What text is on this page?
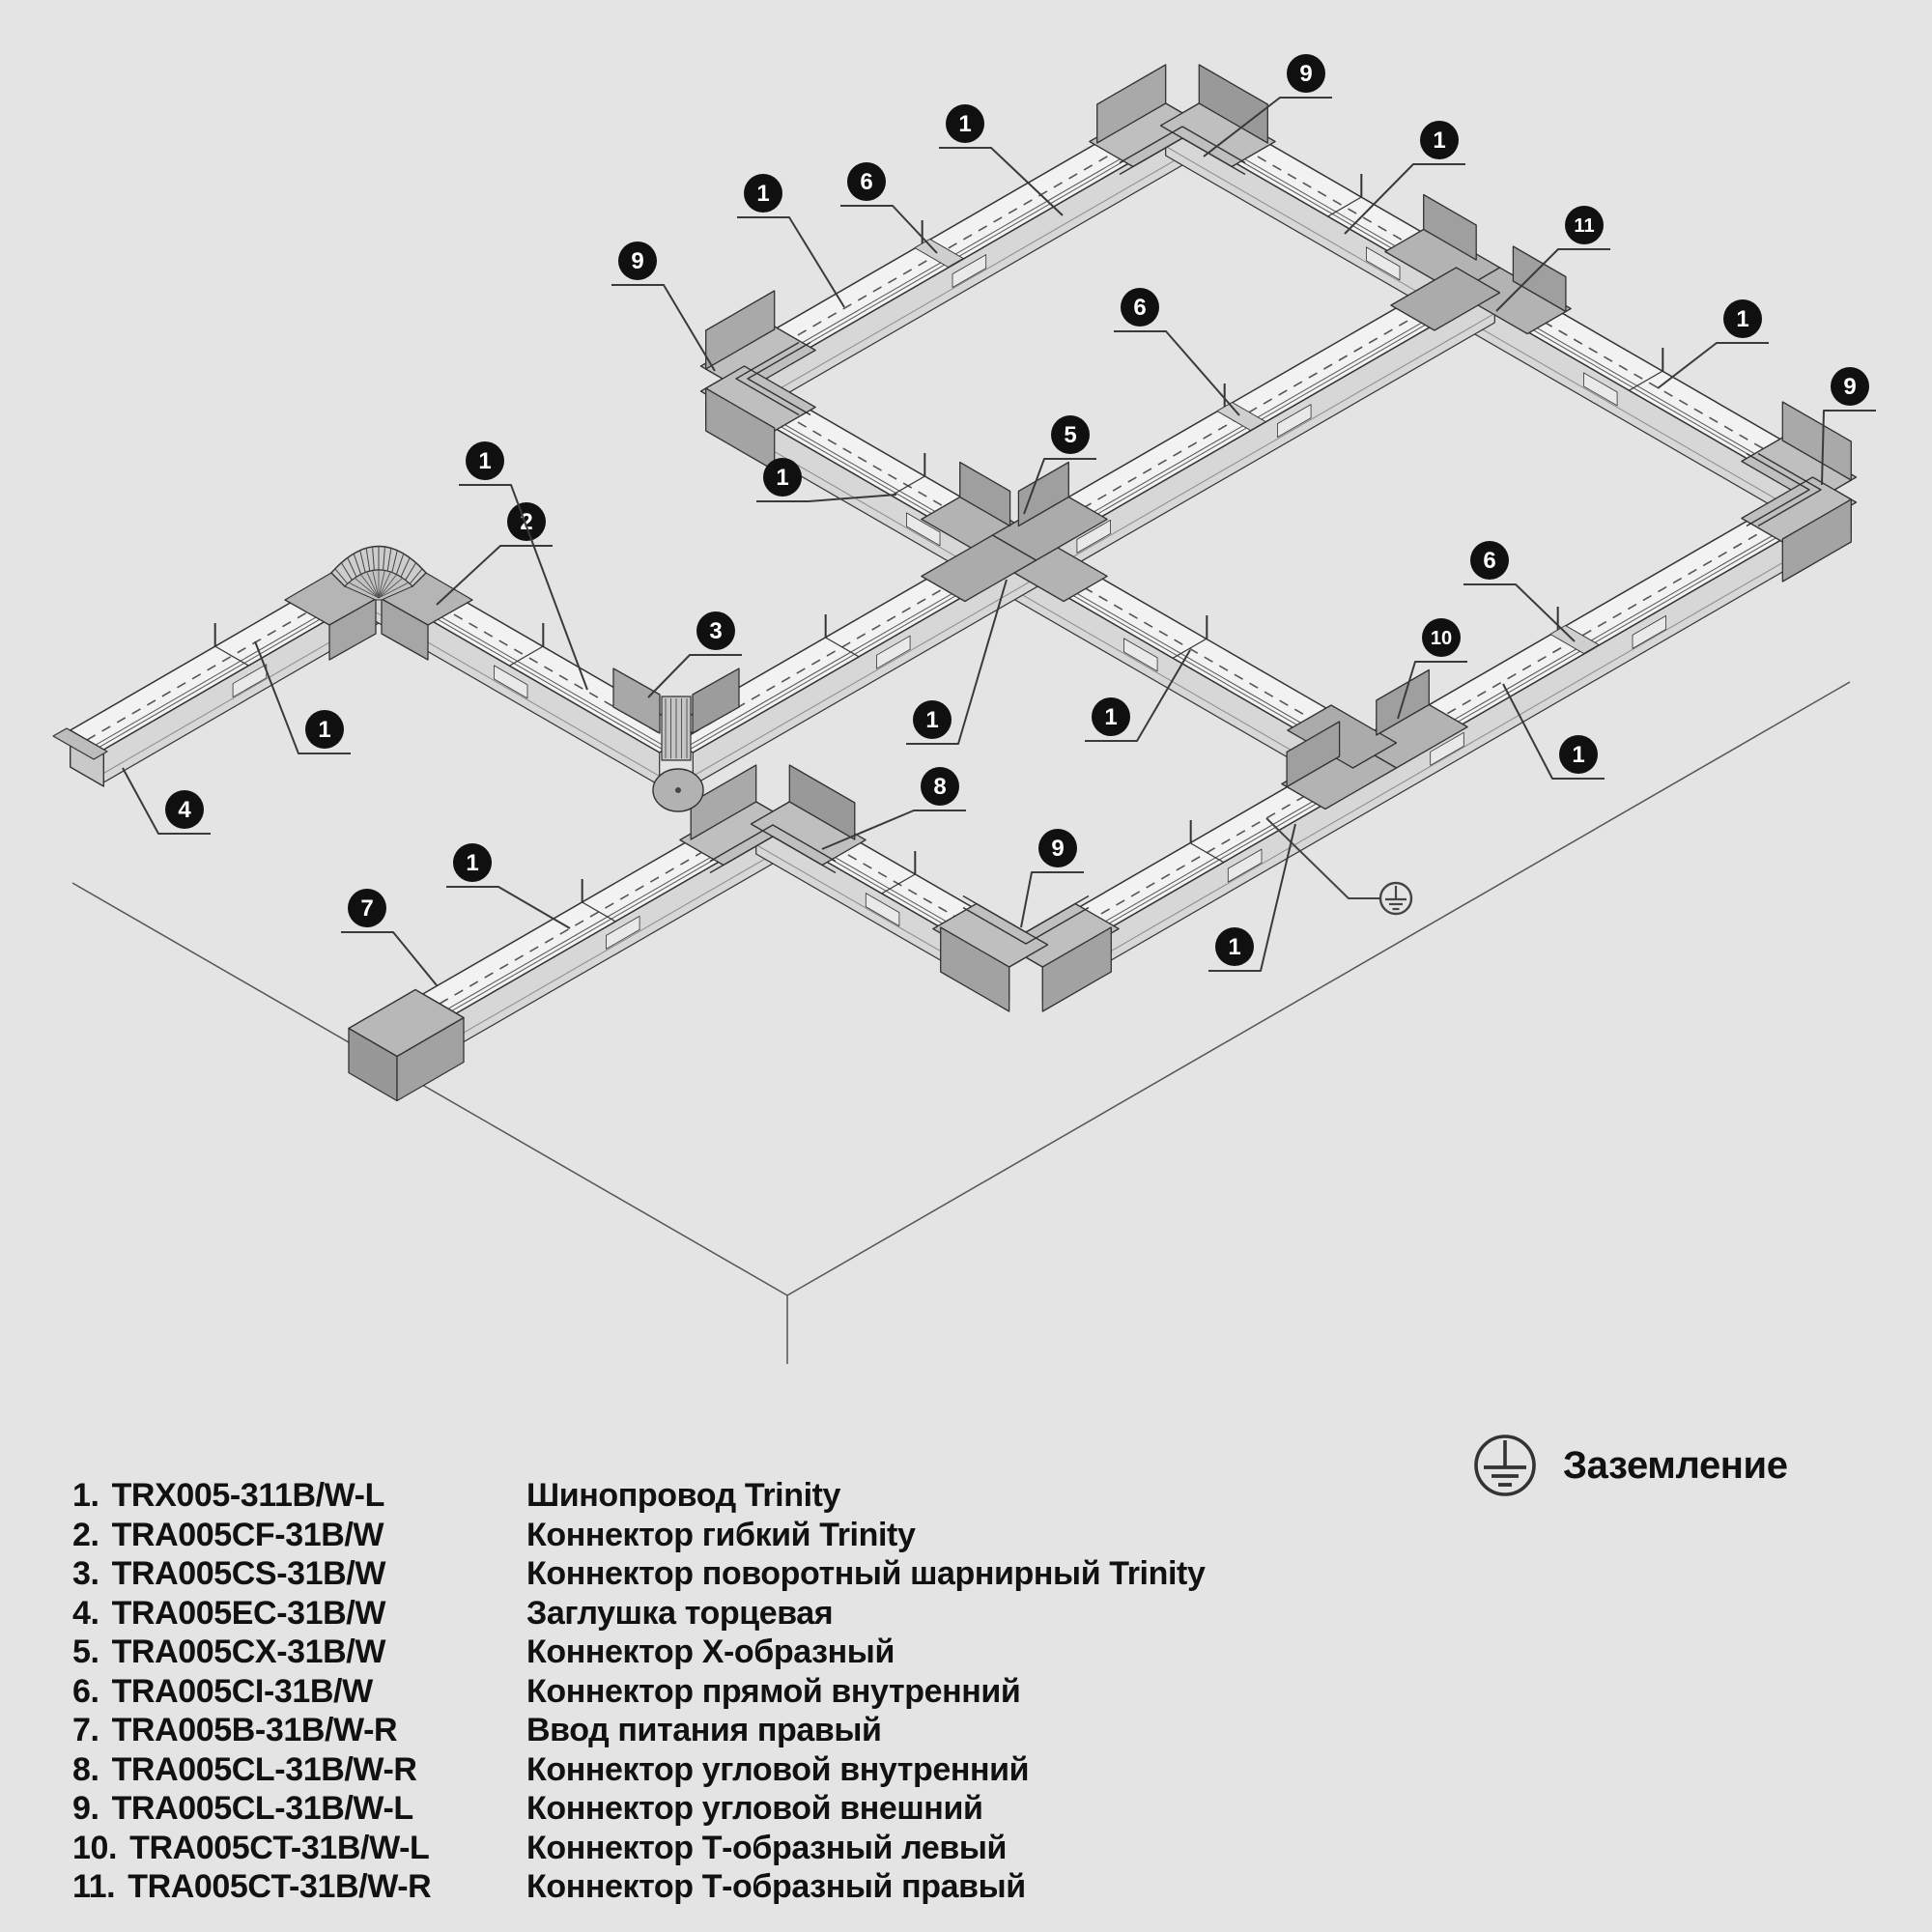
9
1
1
6
1
11
9
1
9
6
5
1
2
1
3
1	1
6
10
1
1
8
1
9
7
1
4
1. TRX005-311B/W-L	Шинопровод Trinity
2. TRA005CF-31B/W	Коннектор гибкий Trinity
3. TRA005CS-31B/W	Коннектор поворотный шарнирный Trinity
4. TRA005EC-31B/W	Заглушка торцевая
5. TRA005CX-31B/W	Коннектор Х-образный
6. TRA005CI-31B/W	Коннектор прямой внутренний
7. TRA005B-31B/W-R	Ввод питания правый
8. TRA005CL-31B/W-R	Коннектор угловой внутренний
9. TRA005CL-31B/W-L	Коннектор угловой внешний
10. TRA005CT-31B/W-L	Коннектор Т-образный левый
11. TRA005CT-31B/W-R	Коннектор Т-образный правый
Заземление
